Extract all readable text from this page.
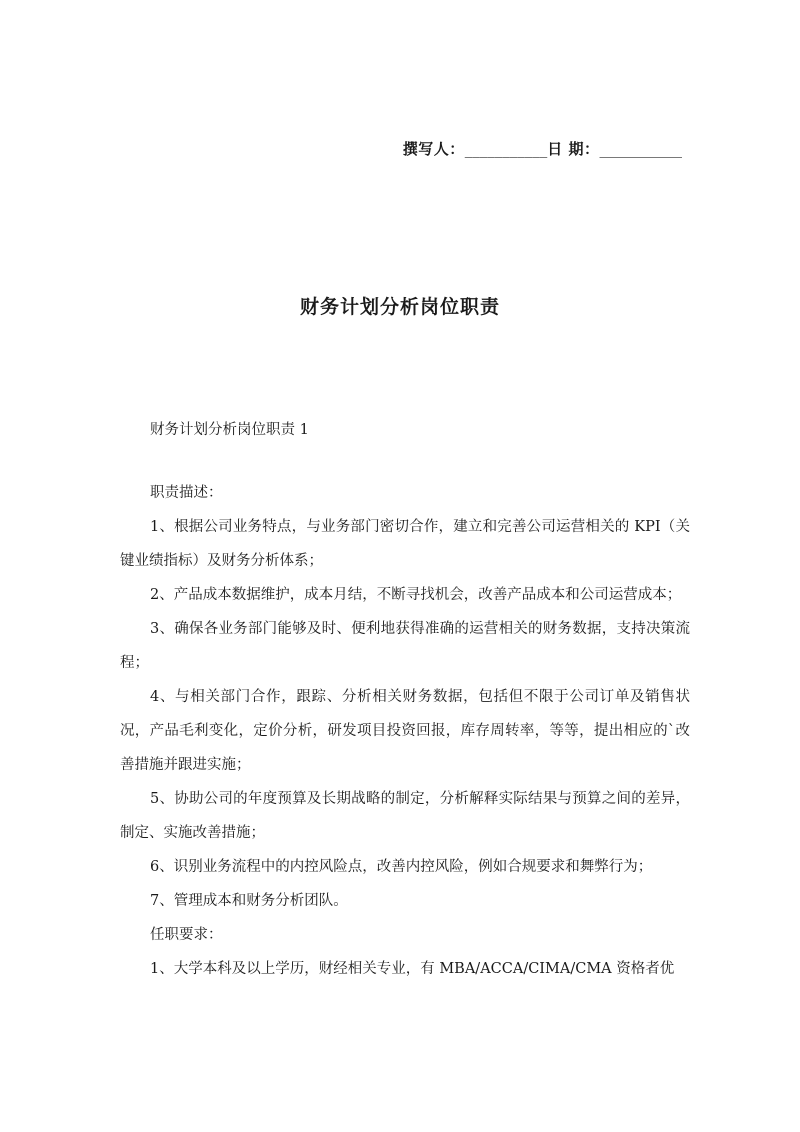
撰写人：___________日 期：___________
财务计划分析岗位职责
财务计划分析岗位职责 1

职责描述：

1、根据公司业务特点，与业务部门密切合作，建立和完善公司运营相关的 KPI（关键业绩指标）及财务分析体系；

2、产品成本数据维护，成本月结，不断寻找机会，改善产品成本和公司运营成本；

3、确保各业务部门能够及时、便利地获得准确的运营相关的财务数据，支持决策流程；

4、与相关部门合作，跟踪、分析相关财务数据，包括但不限于公司订单及销售状况，产品毛利变化，定价分析，研发项目投资回报，库存周转率，等等，提出相应的`改善措施并跟进实施；

5、协助公司的年度预算及长期战略的制定，分析解释实际结果与预算之间的差异，制定、实施改善措施；

6、识别业务流程中的内控风险点，改善内控风险，例如合规要求和舞弊行为；

7、管理成本和财务分析团队。

任职要求：

1、大学本科及以上学历，财经相关专业，有 MBA/ACCA/CIMA/CMA 资格者优
